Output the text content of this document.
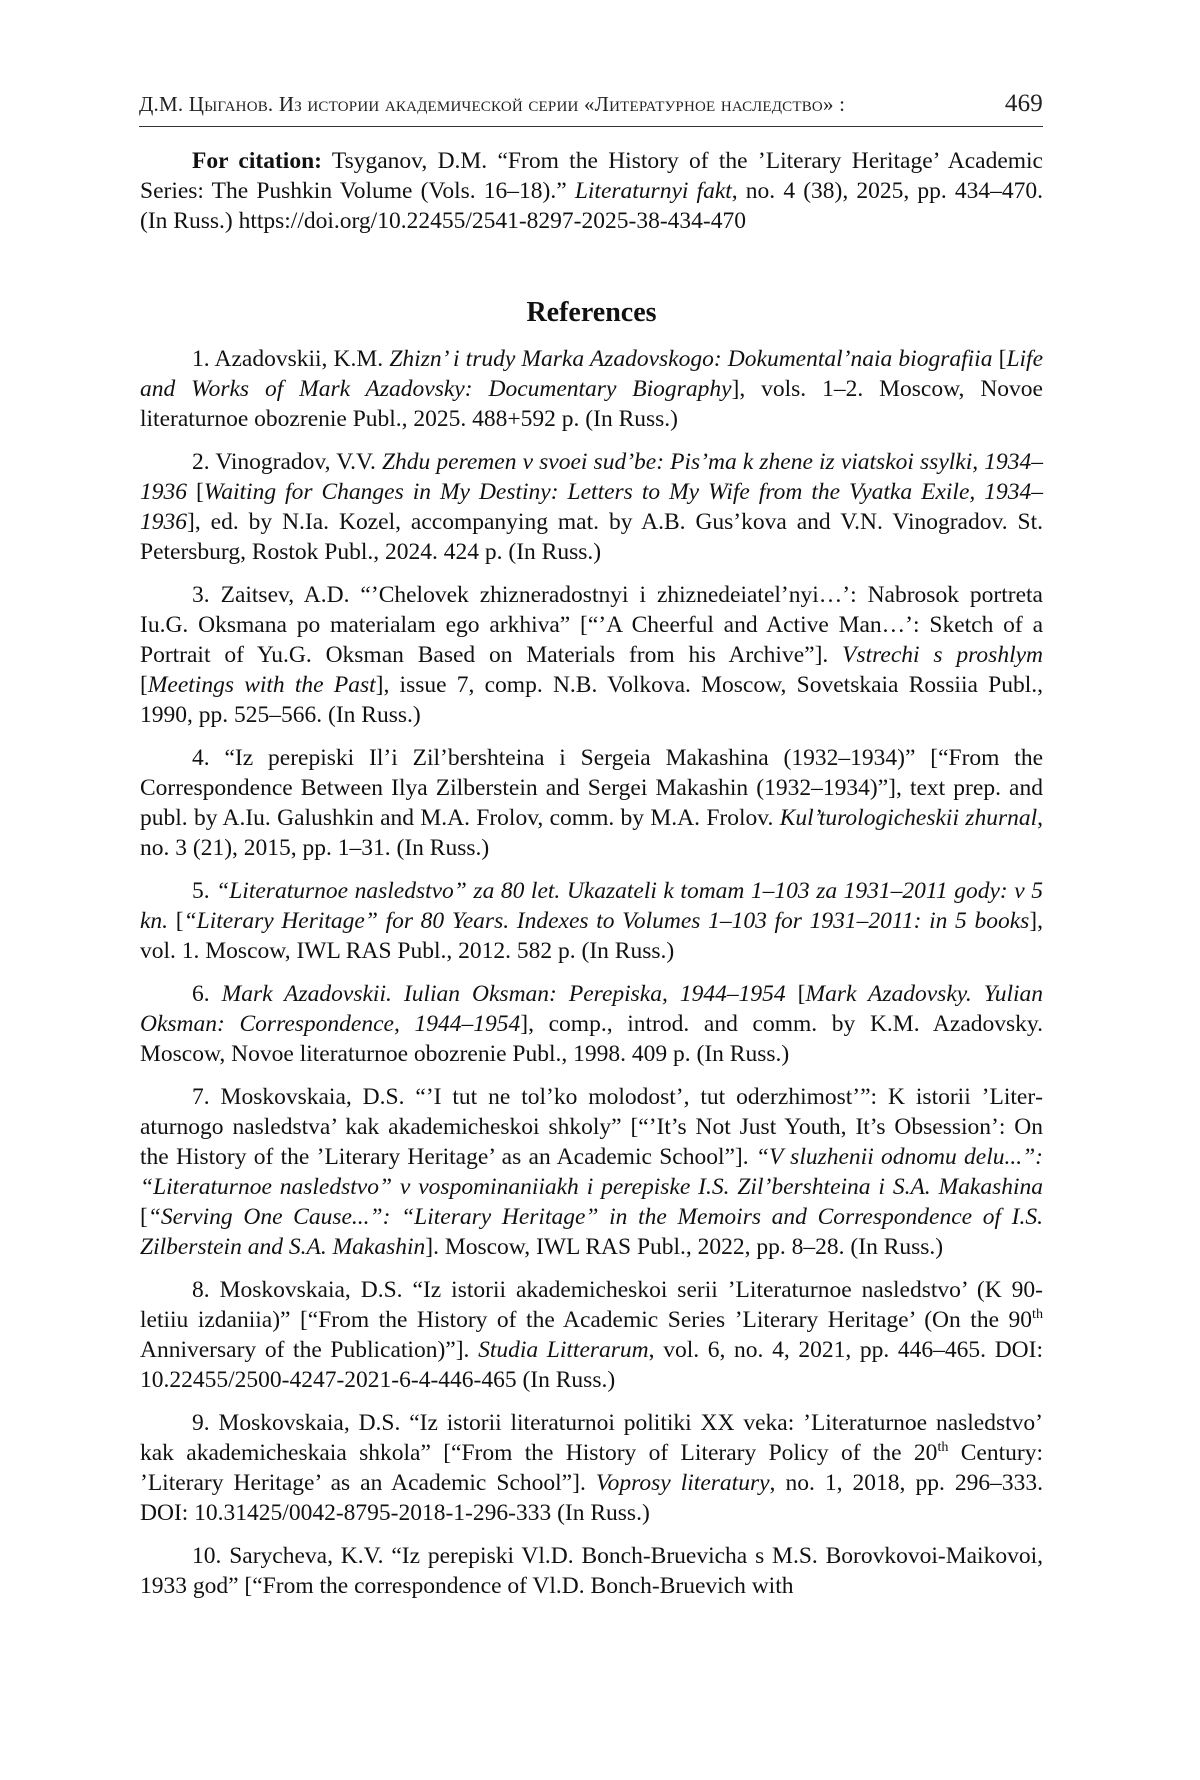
Д.М. Цыганов. Из истории академической серии «Литературное наследство» :	469

For citation: Tsyganov, D.M. “From the History of the ’Literary Heritage’ Academic Series: The Pushkin Volume (Vols. 16–18).” Literaturnyi fakt, no. 4 (38), 2025, pp. 434–470. (In Russ.) https://doi.org/10.22455/2541-8297-2025-38-434-470

References

1. Azadovskii, K.M. Zhizn’ i trudy Marka Azadovskogo: Dokumental’naia biografiia [Life and Works of Mark Azadovsky: Documentary Biography], vols. 1–2. Moscow, Novoe literaturnoe obozrenie Publ., 2025. 488+592 p. (In Russ.)

2. Vinogradov, V.V. Zhdu peremen v svoei sud’be: Pis’ma k zhene iz viatskoi ssylki, 1934–1936 [Waiting for Changes in My Destiny: Letters to My Wife from the Vyatka Exile, 1934–1936], ed. by N.Ia. Kozel, accompanying mat. by A.B. Gus’kova and V.N. Vinogradov. St. Petersburg, Rostok Publ., 2024. 424 p. (In Russ.)

3. Zaitsev, A.D. “’Chelovek zhizneradostnyi i zhiznedeiatel’nyi…’: Nabrosok portreta Iu.G. Oksmana po materialam ego arkhiva” [“’A Cheerful and Active Man…’: Sketch of a Portrait of Yu.G. Oksman Based on Materials from his Archive”]. Vstrechi s proshlym [Meetings with the Past], issue 7, comp. N.B. Volkova. Moscow, Sovetskaia Rossiia Publ., 1990, pp. 525–566. (In Russ.)

4. “Iz perepiski Il’i Zil’bershteina i Sergeia Makashina (1932–1934)” [“From the Correspondence Between Ilya Zilberstein and Sergei Makashin (1932–1934)”], text prep. and publ. by A.Iu. Galushkin and M.A. Frolov, comm. by M.A. Frolov. Kul’turologicheskii zhurnal, no. 3 (21), 2015, pp. 1–31. (In Russ.)

5. “Literaturnoe nasledstvo” za 80 let. Ukazateli k tomam 1–103 za 1931–2011 gody: v 5 kn. [“Literary Heritage” for 80 Years. Indexes to Volumes 1–103 for 1931–2011: in 5 books], vol. 1. Moscow, IWL RAS Publ., 2012. 582 p. (In Russ.)

6. Mark Azadovskii. Iulian Oksman: Perepiska, 1944–1954 [Mark Azadovsky. Yulian Oksman: Correspondence, 1944–1954], comp., introd. and comm. by K.M. Azadovsky. Moscow, Novoe literaturnoe obozrenie Publ., 1998. 409 p. (In Russ.)

7. Moskovskaia, D.S. “’I tut ne tol’ko molodost’, tut oderzhimost’”: K istorii ’Literaturnogo nasledstva’ kak akademicheskoi shkoly” [“’It’s Not Just Youth, It’s Obsession’: On the History of the ’Literary Heritage’ as an Academic School”]. “V sluzhenii odnomu delu...”: “Literaturnoe nasledstvo” v vospominaniiakh i perepiske I.S. Zil’bershteina i S.A. Makashina [“Serving One Cause...”: “Literary Heritage” in the Memoirs and Correspondence of I.S. Zilberstein and S.A. Makashin]. Moscow, IWL RAS Publ., 2022, pp. 8–28. (In Russ.)

8. Moskovskaia, D.S. “Iz istorii akademicheskoi serii ’Literaturnoe nasledstvo’ (K 90-letiiu izdaniia)” [“From the History of the Academic Series ’Literary Heritage’ (On the 90th Anniversary of the Publication)”]. Studia Litterarum, vol. 6, no. 4, 2021, pp. 446–465. DOI: 10.22455/2500-4247-2021-6-4-446-465 (In Russ.)

9. Moskovskaia, D.S. “Iz istorii literaturnoi politiki XX veka: ’Literaturnoe nasledstvo’ kak akademicheskaia shkola” [“From the History of Literary Policy of the 20th Century: ’Literary Heritage’ as an Academic School”]. Voprosy literatury, no. 1, 2018, pp. 296–333. DOI: 10.31425/0042-8795-2018-1-296-333 (In Russ.)

10. Sarycheva, K.V. “Iz perepiski Vl.D. Bonch-Bruevicha s M.S. Borovkovoi-Maikovoi, 1933 god” [“From the correspondence of Vl.D. Bonch-Bruevich with
